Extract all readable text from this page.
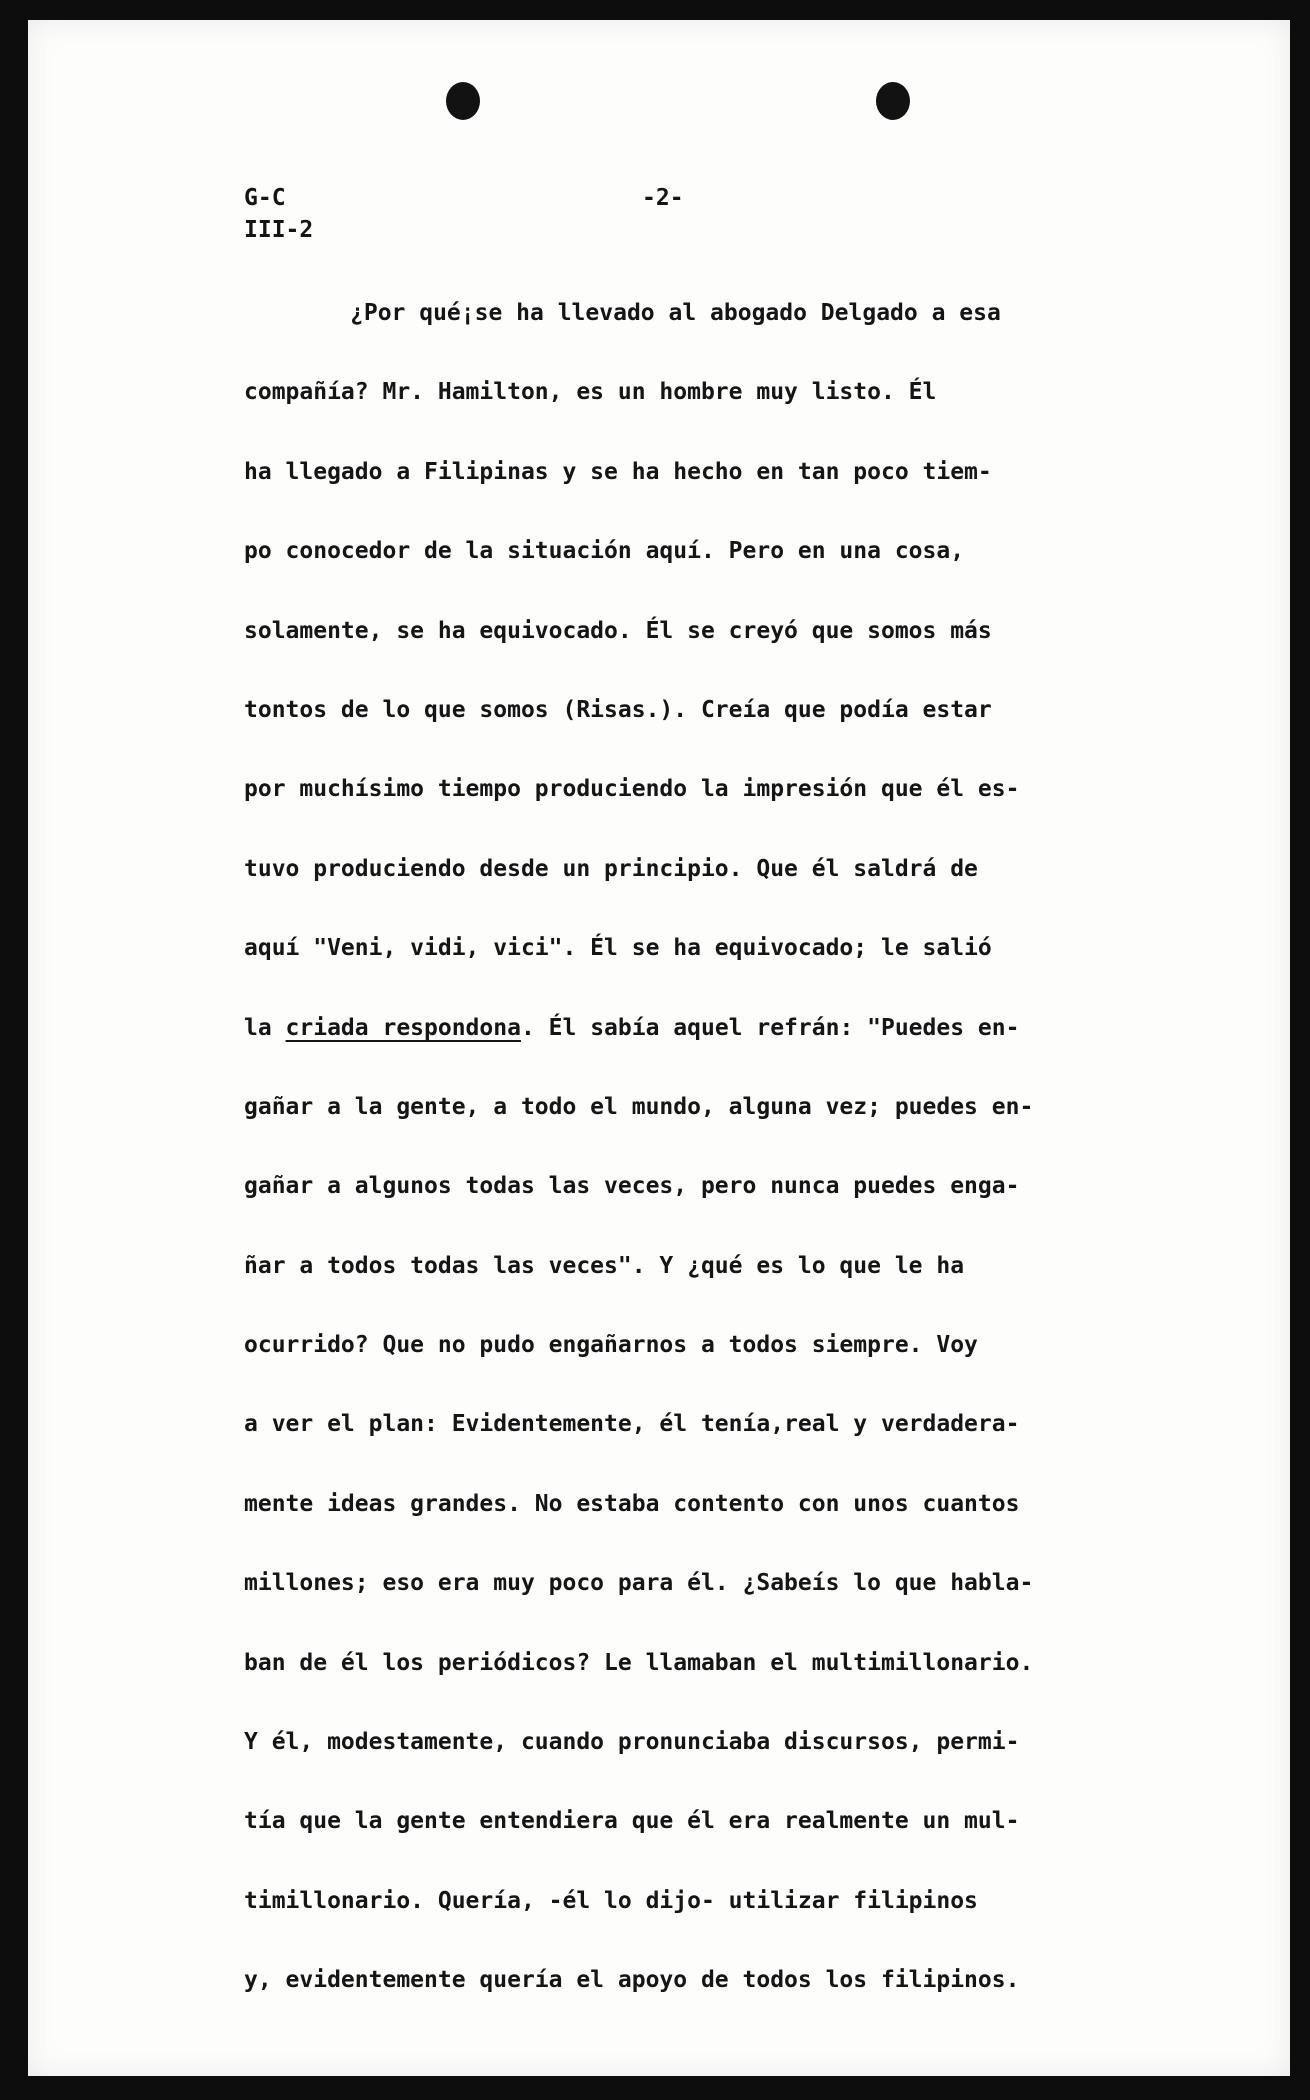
G-C
III-2
-2-
¿Por qué¡se ha llevado al abogado Delgado a esa
compañía? Mr. Hamilton, es un hombre muy listo. Él
ha llegado a Filipinas y se ha hecho en tan poco tiem-
po conocedor de la situación aquí. Pero en una cosa,
solamente, se ha equivocado. Él se creyó que somos más
tontos de lo que somos (Risas.). Creía que podía estar
por muchísimo tiempo produciendo la impresión que él es-
tuvo produciendo desde un principio. Que él saldrá de
aquí "Veni, vidi, vici". Él se ha equivocado; le salió
la criada respondona. Él sabía aquel refrán: "Puedes en-
gañar a la gente, a todo el mundo, alguna vez; puedes en-
gañar a algunos todas las veces, pero nunca puedes enga-
ñar a todos todas las veces". Y ¿qué es lo que le ha
ocurrido? Que no pudo engañarnos a todos siempre. Voy
a ver el plan: Evidentemente, él tenía,real y verdadera-
mente ideas grandes. No estaba contento con unos cuantos
millones; eso era muy poco para él. ¿Sabeís lo que habla-
ban de él los periódicos? Le llamaban el multimillonario.
Y él, modestamente, cuando pronunciaba discursos, permi-
tía que la gente entendiera que él era realmente un mul-
timillonario. Quería, -él lo dijo- utilizar filipinos
y, evidentemente quería el apoyo de todos los filipinos.
